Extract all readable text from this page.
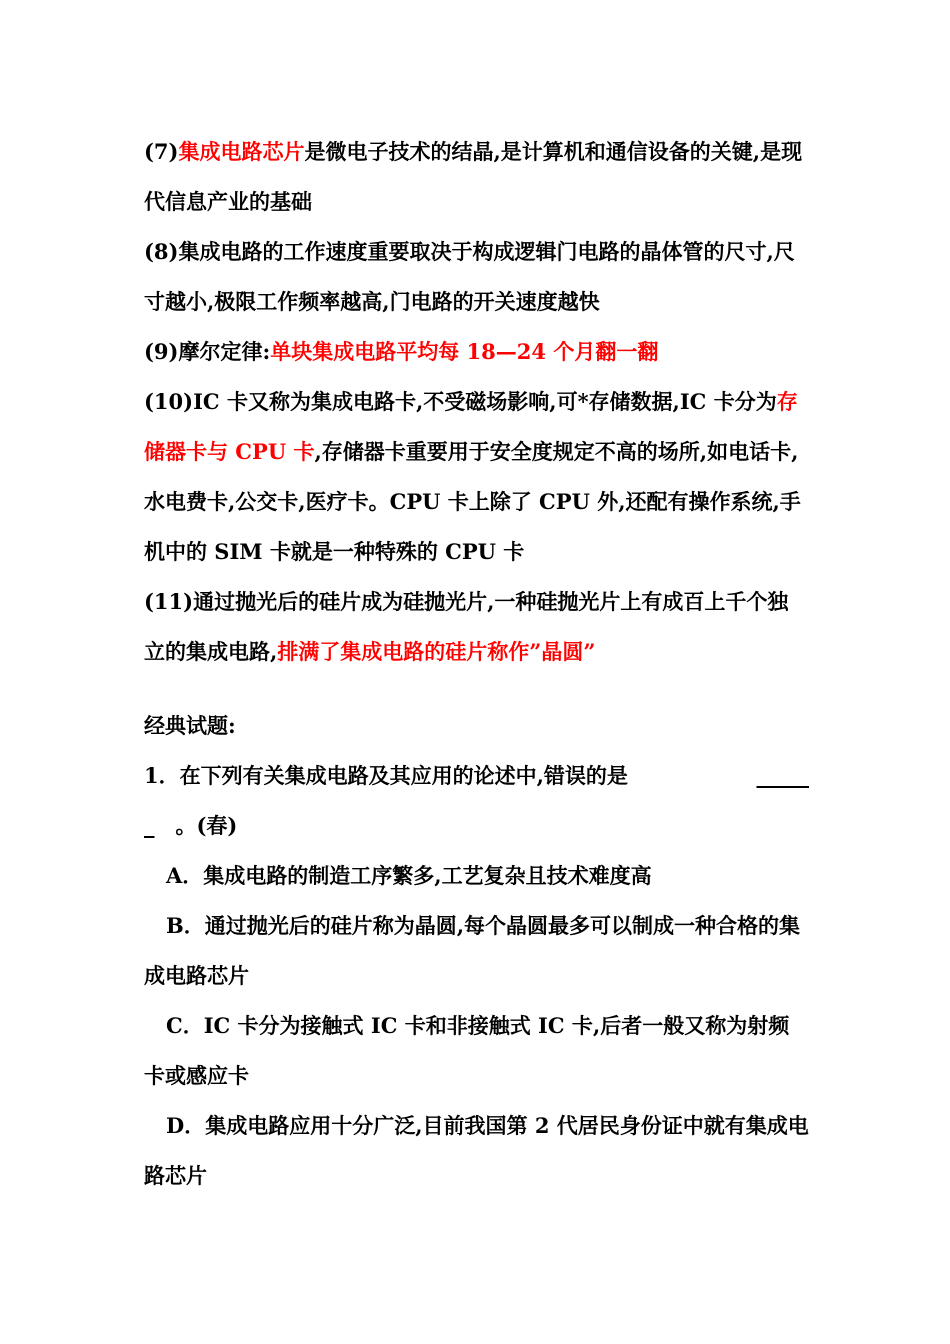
(7)集成电路芯片是微电子技术的结晶,是计算机和通信设备的关键,是现代信息产业的基础

(8)集成电路的工作速度重要取决于构成逻辑门电路的晶体管的尺寸,尺寸越小,极限工作频率越高,门电路的开关速度越快

(9)摩尔定律:单块集成电路平均每 18—24 个月翻一翻

(10)IC 卡又称为集成电路卡,不受磁场影响,可*存储数据,IC 卡分为存储器卡与 CPU 卡,存储器卡重要用于安全度规定不高的场所,如电话卡,水电费卡,公交卡,医疗卡。CPU 卡上除了 CPU 外,还配有操作系统,手机中的 SIM 卡就是一种特殊的 CPU 卡

(11)通过抛光后的硅片成为硅抛光片,一种硅抛光片上有成百上千个独立的集成电路,排满了集成电路的硅片称作”晶圆”

经典试题:

1．在下列有关集成电路及其应用的论述中,错误的是	_____

_　。(春)

A．集成电路的制造工序繁多,工艺复杂且技术难度高

B．通过抛光后的硅片称为晶圆,每个晶圆最多可以制成一种合格的集成电路芯片

C．IC 卡分为接触式 IC 卡和非接触式 IC 卡,后者一般又称为射频卡或感应卡

D．集成电路应用十分广泛,目前我国第 2 代居民身份证中就有集成电路芯片
